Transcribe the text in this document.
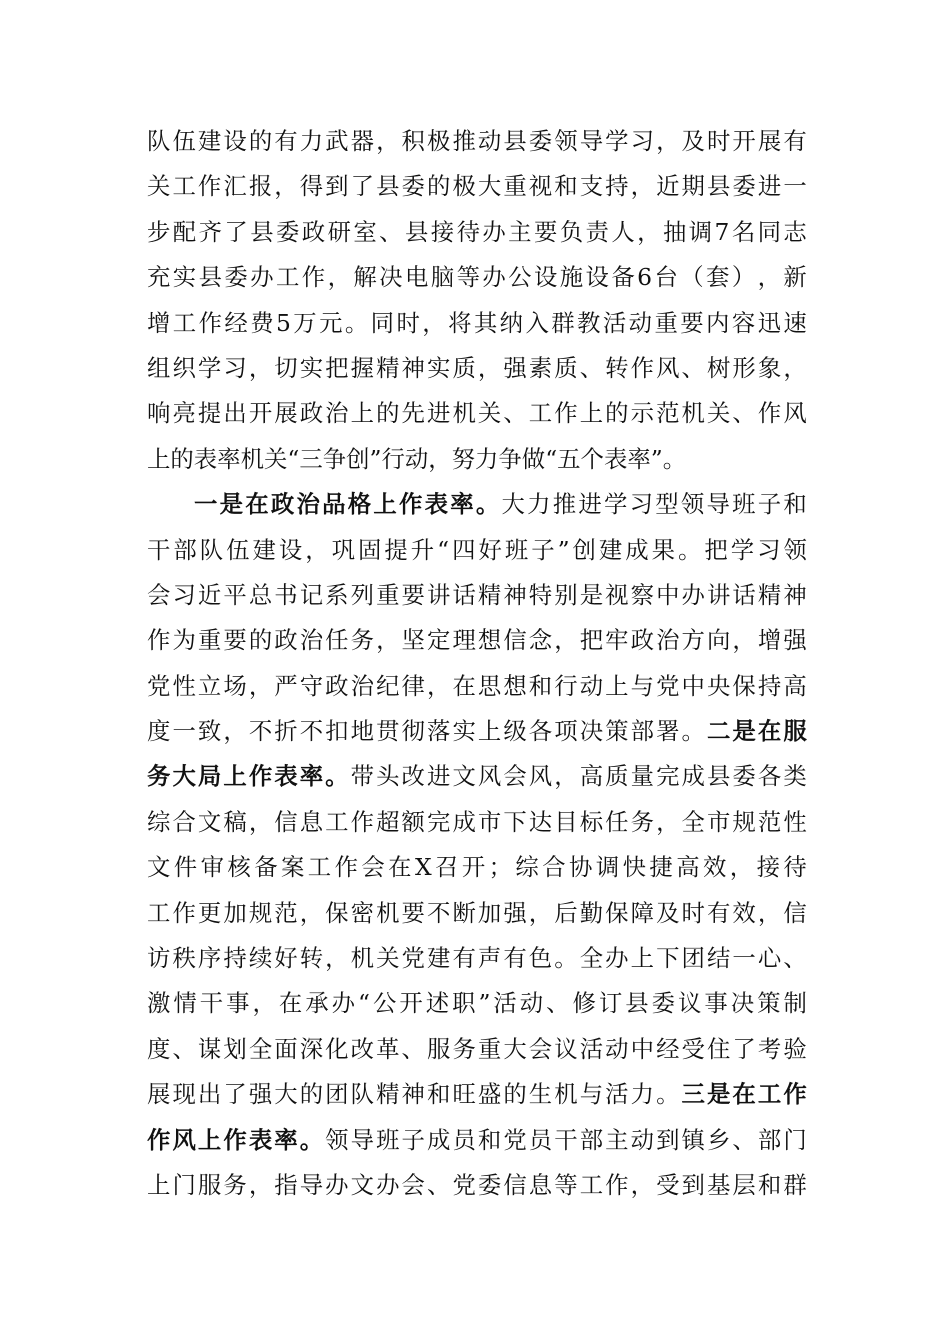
队 伍 建 设 的 有 力 武 器 ， 积 极 推 动 县 委 领 导 学 习 ， 及 时 开 展 有
关 工 作 汇 报 ， 得 到 了 县 委 的 极 大 重 视 和 支 持 ， 近 期 县 委 进 一
步 配 齐 了 县 委 政 研 室 、 县 接 待 办 主 要 负 责 人 ， 抽 调 7 名 同 志
充 实 县 委 办 工 作 ， 解 决 电 脑 等 办 公 设 施 设 备 6 台 （ 套 ） ， 新
增 工 作 经 费 5 万 元 。 同 时 ， 将 其 纳 入 群 教 活 动 重 要 内 容 迅 速
组 织 学 习 ， 切 实 把 握 精 神 实 质 ， 强 素 质 、 转 作 风 、 树 形 象 ，
响 亮 提 出 开 展 政 治 上 的 先 进 机 关 、 工 作 上 的 示 范 机 关 、 作 风
上 的 表 率 机 关 “ 三 争 创 ” 行 动 ， 努 力 争 做 “ 五 个 表 率 ” 。
一 是 在 政 治 品 格 上 作 表 率 。 大 力 推 进 学 习 型 领 导 班 子 和
干 部 队 伍 建 设 ， 巩 固 提 升 “ 四 好 班 子 ” 创 建 成 果 。 把 学 习 领
会 习 近 平 总 书 记 系 列 重 要 讲 话 精 神 特 别 是 视 察 中 办 讲 话 精 神
作 为 重 要 的 政 治 任 务 ， 坚 定 理 想 信 念 ， 把 牢 政 治 方 向 ， 增 强
党 性 立 场 ， 严 守 政 治 纪 律 ， 在 思 想 和 行 动 上 与 党 中 央 保 持 高
度 一 致 ， 不 折 不 扣 地 贯 彻 落 实 上 级 各 项 决 策 部 署 。 二 是 在 服
务 大 局 上 作 表 率 。 带 头 改 进 文 风 会 风 ， 高 质 量 完 成 县 委 各 类
综 合 文 稿 ， 信 息 工 作 超 额 完 成 市 下 达 目 标 任 务 ， 全 市 规 范 性
文 件 审 核 备 案 工 作 会 在 X 召 开 ； 综 合 协 调 快 捷 高 效 ， 接 待
工 作 更 加 规 范 ， 保 密 机 要 不 断 加 强 ， 后 勤 保 障 及 时 有 效 ， 信
访 秩 序 持 续 好 转 ， 机 关 党 建 有 声 有 色 。 全 办 上 下 团 结 一 心 、
激 情 干 事 ， 在 承 办 “ 公 开 述 职 ” 活 动 、 修 订 县 委 议 事 决 策 制
度 、 谋 划 全 面 深 化 改 革 、 服 务 重 大 会 议 活 动 中 经 受 住 了 考 验
展 现 出 了 强 大 的 团 队 精 神 和 旺 盛 的 生 机 与 活 力 。 三 是 在 工 作
作 风 上 作 表 率 。 领 导 班 子 成 员 和 党 员 干 部 主 动 到 镇 乡 、 部 门
上 门 服 务 ， 指 导 办 文 办 会 、 党 委 信 息 等 工 作 ， 受 到 基 层 和 群
